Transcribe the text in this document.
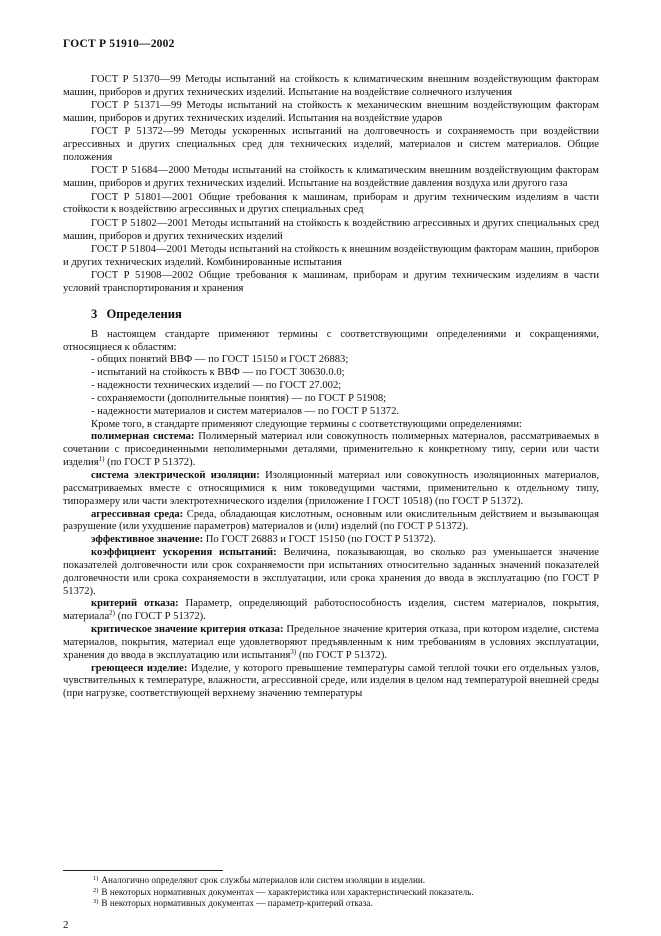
ГОСТ Р 51910—2002

ГОСТ Р 51370—99 Методы испытаний на стойкость к климатическим внешним воздействующим факторам машин, приборов и других технических изделий. Испытание на воздействие солнечного излучения

ГОСТ Р 51371—99 Методы испытаний на стойкость к механическим внешним воздействующим факторам машин, приборов и других технических изделий. Испытания на воздействие ударов

ГОСТ Р 51372—99 Методы ускоренных испытаний на долговечность и сохраняемость при воздействии агрессивных и других специальных сред для технических изделий, материалов и систем материалов. Общие положения

ГОСТ Р 51684—2000 Методы испытаний на стойкость к климатическим внешним воздействующим факторам машин, приборов и других технических изделий. Испытание на воздействие давления воздуха или другого газа

ГОСТ Р 51801—2001 Общие требования к машинам, приборам и другим техническим изделиям в части стойкости к воздействию агрессивных и других специальных сред

ГОСТ Р 51802—2001 Методы испытаний на стойкость к воздействию агрессивных и других специальных сред машин, приборов и других технических изделий

ГОСТ Р 51804—2001 Методы испытаний на стойкость к внешним воздействующим факторам машин, приборов и других технических изделий. Комбинированные испытания

ГОСТ Р 51908—2002 Общие требования к машинам, приборам и другим техническим изделиям в части условий транспортирования и хранения

3 Определения

В настоящем стандарте применяют термины с соответствующими определениями и сокращениями, относящиеся к областям:

- общих понятий ВВФ — по ГОСТ 15150 и ГОСТ 26883;
- испытаний на стойкость к ВВФ — по ГОСТ 30630.0.0;
- надежности технических изделий — по ГОСТ 27.002;
- сохраняемости (дополнительные понятия) — по ГОСТ Р 51908;
- надежности материалов и систем материалов — по ГОСТ Р 51372.

Кроме того, в стандарте применяют следующие термины с соответствующими определениями:

полимерная система: Полимерный материал или совокупность полимерных материалов, рассматриваемых в сочетании с присоединенными неполимерными деталями, применительно к конкретному типу, серии или части изделия$^{1)}$ (по ГОСТ Р 51372).

система электрической изоляции: Изоляционный материал или совокупность изоляционных материалов, рассматриваемых вместе с относящимися к ним токоведущими частями, применительно к отдельному типу, типоразмеру или части электротехнического изделия (приложение I ГОСТ 10518) (по ГОСТ Р 51372).

агрессивная среда: Среда, обладающая кислотным, основным или окислительным действием и вызывающая разрушение (или ухудшение параметров) материалов и (или) изделий (по ГОСТ Р 51372).

эффективное значение: По ГОСТ 26883 и ГОСТ 15150 (по ГОСТ Р 51372).

коэффициент ускорения испытаний: Величина, показывающая, во сколько раз уменьшается значение показателей долговечности или срок сохраняемости при испытаниях относительно заданных значений показателей долговечности или срока сохраняемости в эксплуатации, или срока хранения до ввода в эксплуатацию (по ГОСТ Р 51372).

критерий отказа: Параметр, определяющий работоспособность изделия, систем материалов, покрытия, материала$^{2)}$ (по ГОСТ Р 51372).

критическое значение критерия отказа: Предельное значение критерия отказа, при котором изделие, система материалов, покрытия, материал еще удовлетворяют предъявленным к ним требованиям в условиях эксплуатации, хранения до ввода в эксплуатацию или испытания$^{3)}$ (по ГОСТ Р 51372).

греющееся изделие: Изделие, у которого превышение температуры самой теплой точки его отдельных узлов, чувствительных к температуре, влажности, агрессивной среде, или изделия в целом над температурой внешней среды (при нагрузке, соответствующей верхнему значению температуры

$^{1)}$ Аналогично определяют срок службы материалов или систем изоляции в изделии.
$^{2)}$ В некоторых нормативных документах — характеристика или характеристический показатель.
$^{3)}$ В некоторых нормативных документах — параметр-критерий отказа.
2
